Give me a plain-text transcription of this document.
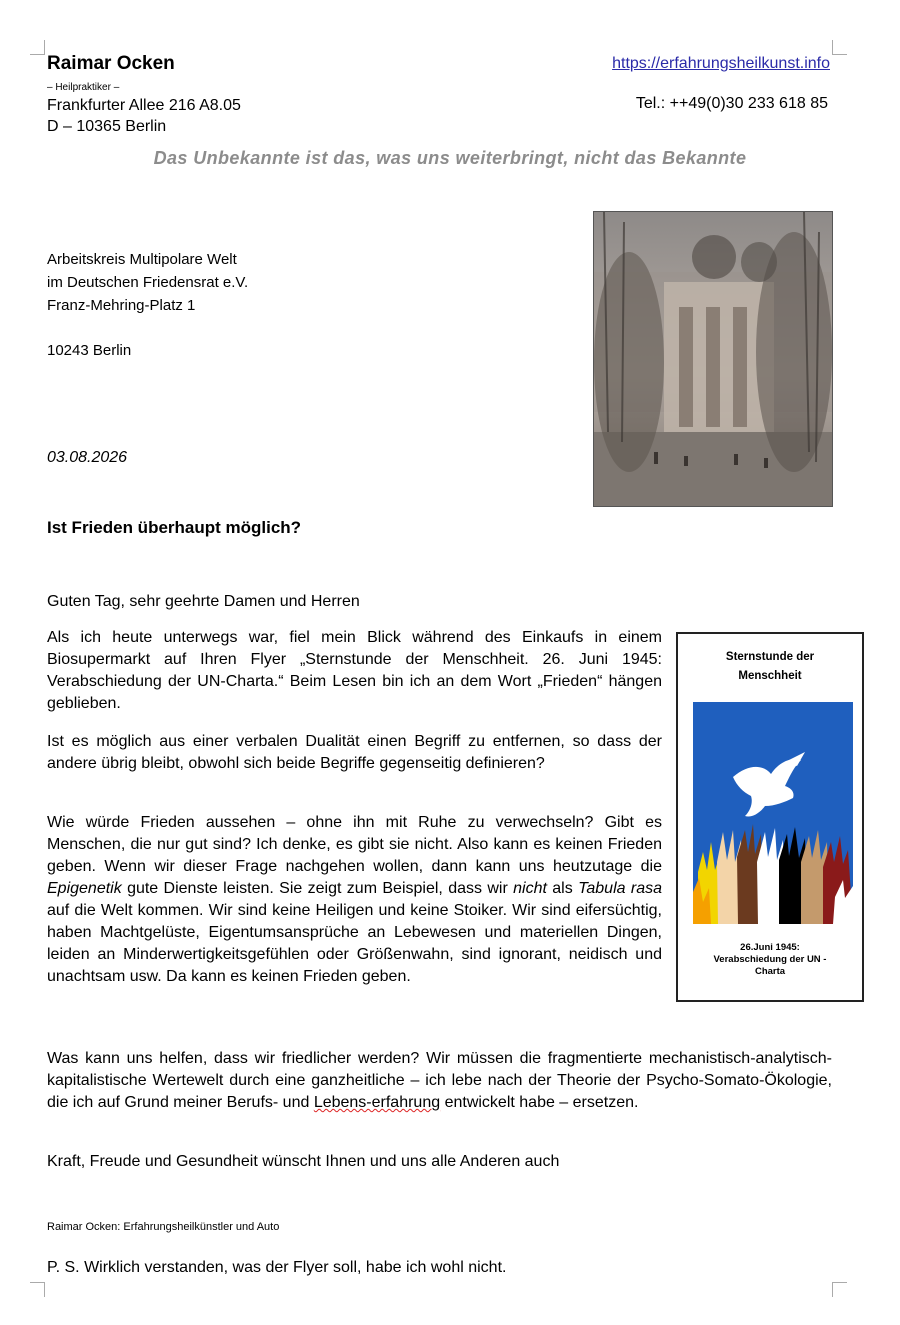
Raimar Ocken
– Heilpraktiker –
Frankfurter Allee 216 A8.05
D – 10365 Berlin
https://erfahrungsheilkunst.info
Tel.: ++49(0)30 233 618 85
Das Unbekannte ist das, was uns weiterbringt, nicht das Bekannte
Arbeitskreis Multipolare Welt
im Deutschen Friedensrat e.V.
Franz-Mehring-Platz 1
10243 Berlin
03.08.2026
Ist Frieden überhaupt möglich?
Guten Tag, sehr geehrte Damen und Herren
Als ich heute unterwegs war, fiel mein Blick während des Einkaufs in einem Biosupermarkt auf Ihren Flyer „Sternstunde der Menschheit. 26. Juni 1945: Verabschiedung der UN-Charta.“ Beim Lesen bin ich an dem Wort „Frieden“ hängen geblieben.
Ist es möglich aus einer verbalen Dualität einen Begriff zu entfernen, so dass der andere übrig bleibt, obwohl sich beide Begriffe gegenseitig definieren?
Wie würde Frieden aussehen – ohne ihn mit Ruhe zu verwechseln? Gibt es Menschen, die nur gut sind? Ich denke, es gibt sie nicht. Also kann es keinen Frieden geben. Wenn wir dieser Frage nachgehen wollen, dann kann uns heutzutage die Epigenetik gute Dienste leisten. Sie zeigt zum Beispiel, dass wir nicht als Tabula rasa auf die Welt kommen. Wir sind keine Heiligen und keine Stoiker. Wir sind eifersüchtig, haben Machtgelüste, Eigentumsansprüche an Lebewesen und materiellen Dingen, leiden an Minderwertigkeitsgefühlen oder Größenwahn, sind ignorant, neidisch und unachtsam usw. Da kann es keinen Frieden geben.
Was kann uns helfen, dass wir friedlicher werden? Wir müssen die fragmentierte mechanistisch-analytisch-kapitalistische Wertewelt durch eine ganzheitliche – ich lebe nach der Theorie der Psycho-Somato-Ökologie, die ich auf Grund meiner Berufs- und Lebens-erfahrung entwickelt habe – ersetzen.
Kraft, Freude und Gesundheit wünscht Ihnen und uns alle Anderen auch
Raimar Ocken: Erfahrungsheilkünstler und Auto
P. S. Wirklich verstanden, was der Flyer soll, habe ich wohl nicht.
Sternstunde der
Menschheit
26.Juni 1945:
Verabschiedung der UN -
Charta
